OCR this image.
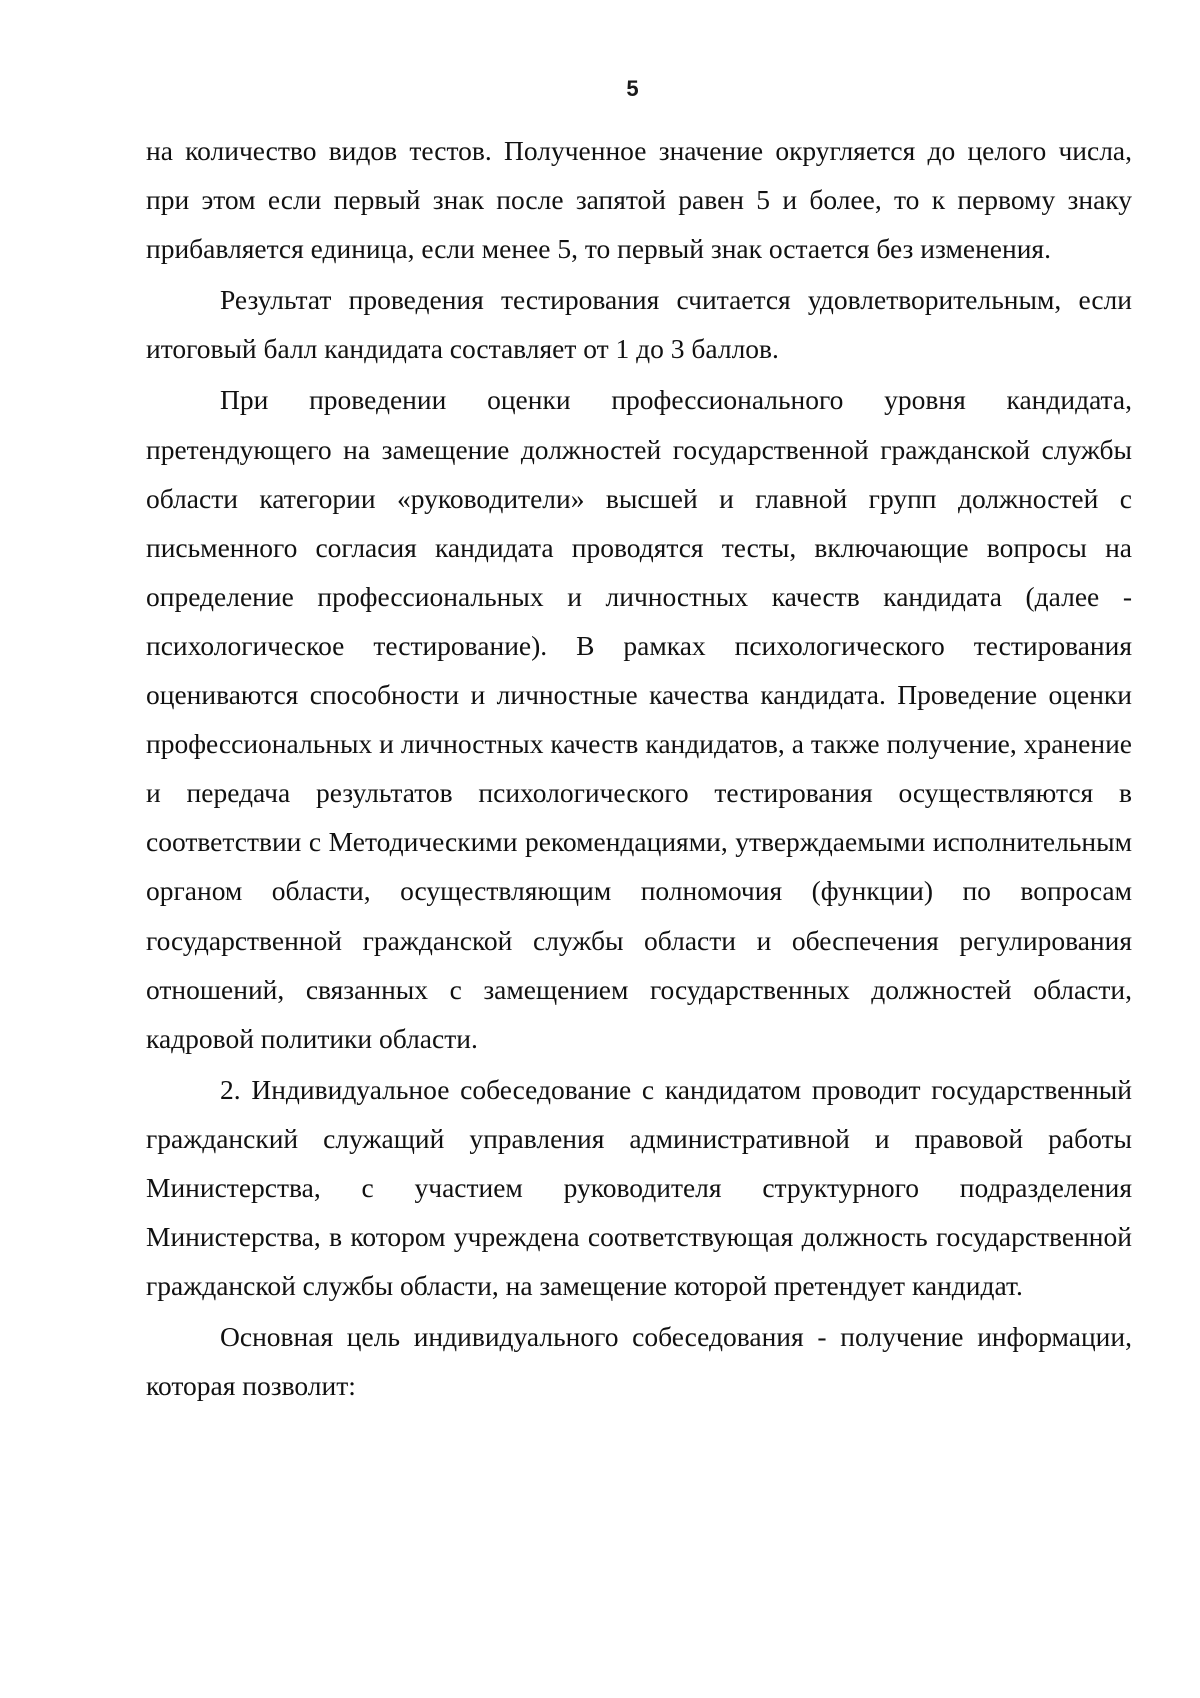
5

на количество видов тестов. Полученное значение округляется до целого числа, при этом если первый знак после запятой равен 5 и более, то к первому знаку прибавляется единица, если менее 5, то первый знак остается без изменения.

Результат проведения тестирования считается удовлетворительным, если итоговый балл кандидата составляет от 1 до 3 баллов.

При проведении оценки профессионального уровня кандидата, претендующего на замещение должностей государственной гражданской службы области категории «руководители» высшей и главной групп должностей с письменного согласия кандидата проводятся тесты, включающие вопросы на определение профессиональных и личностных качеств кандидата (далее - психологическое тестирование). В рамках психологического тестирования оцениваются способности и личностные качества кандидата. Проведение оценки профессиональных и личностных качеств кандидатов, а также получение, хранение и передача результатов психологического тестирования осуществляются в соответствии с Методическими рекомендациями, утверждаемыми исполнительным органом области, осуществляющим полномочия (функции) по вопросам государственной гражданской службы области и обеспечения регулирования отношений, связанных с замещением государственных должностей области, кадровой политики области.

2. Индивидуальное собеседование с кандидатом проводит государственный гражданский служащий управления административной и правовой работы Министерства, с участием руководителя структурного подразделения Министерства, в котором учреждена соответствующая должность государственной гражданской службы области, на замещение которой претендует кандидат.

Основная цель индивидуального собеседования - получение информации, которая позволит:
